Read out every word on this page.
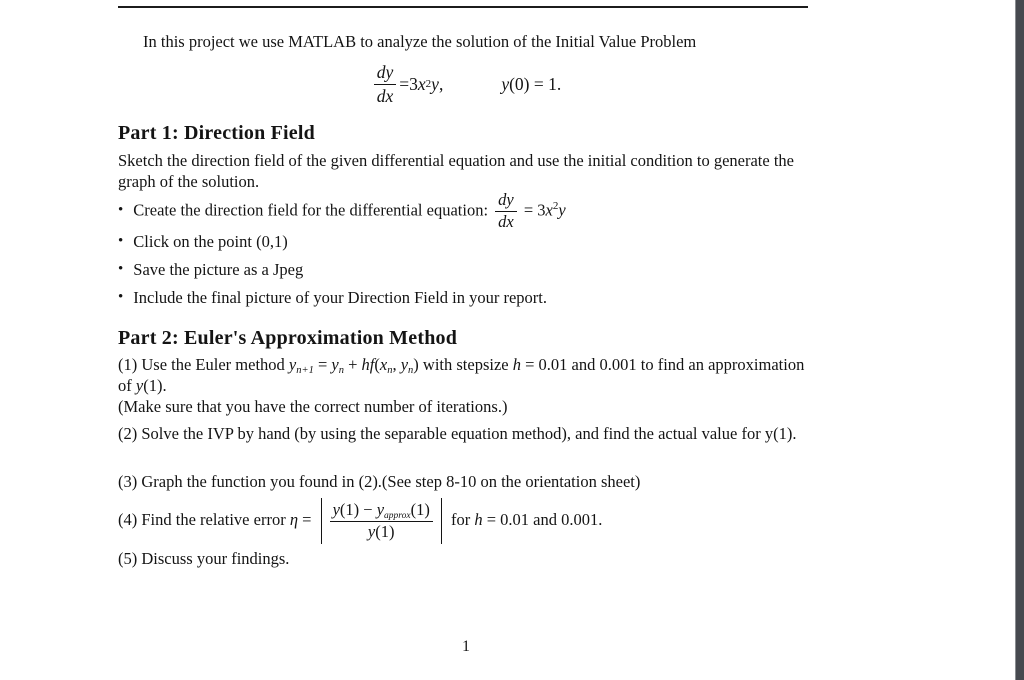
In this project we use MATLAB to analyze the solution of the Initial Value Problem

$\frac{dy}{dx} = 3$ x 2 y ,	y (0) = 1.
Part 1: Direction Field

Sketch the direction field of the given differential equation and use the initial condition to generate the graph of the solution.

• Create the direction field for the differential equation: $\frac{dy}{dx} = 3x^2y$
• Click on the point (0,1)
• Save the picture as a Jpeg
• Include the final picture of your Direction Field in your report.
Part 2: Euler's Approximation Method
(1) Use the Euler method yn+1 = yn + hf(xn, yn) with stepsize h = 0.01 and 0.001 to find an approximation of y(1).
(Make sure that you have the correct number of iterations.)
(2) Solve the IVP by hand (by using the separable equation method), and find the actual value for y(1).
(3) Graph the function you found in (2).(See step 8-10 on the orientation sheet)
(4) Find the relative error $\eta = \frac{\text{y(1) − yapprox(1)}}{y(1)}$ for h = 0.01 and 0.001.
(5) Discuss your findings.
1
